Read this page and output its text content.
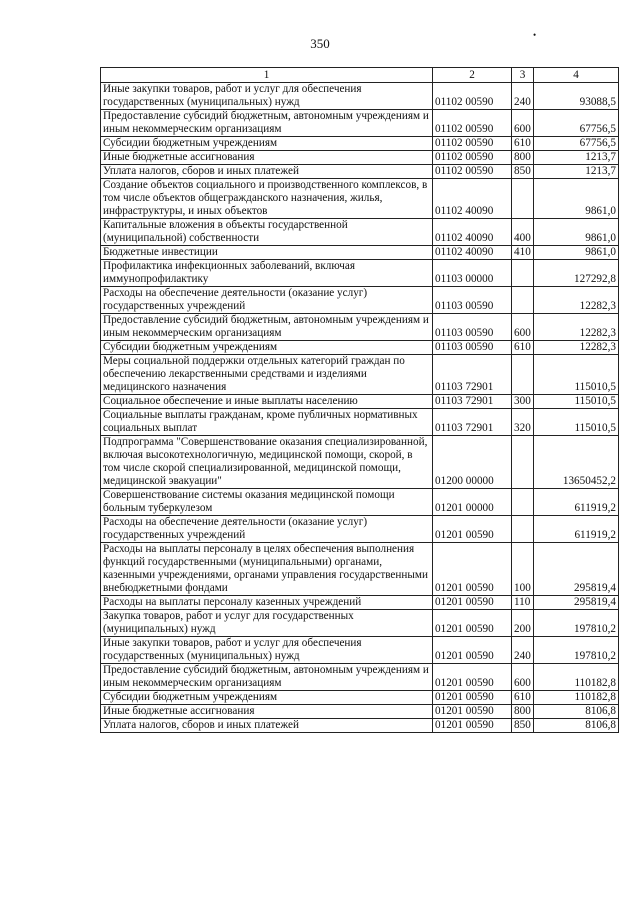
350
•
1	2	3	4
Иные закупки товаров, работ и услуг для обеспечения государственных (муниципальных) нужд	01102 00590	240	93088,5
Предоставление субсидий бюджетным, автономным учреждениям и иным некоммерческим организациям	01102 00590	600	67756,5
Субсидии бюджетным учреждениям	01102 00590	610	67756,5
Иные бюджетные ассигнования	01102 00590	800	1213,7
Уплата налогов, сборов и иных платежей	01102 00590	850	1213,7
Создание объектов социального и производственного комплексов, в том числе объектов общегражданского назначения, жилья, инфраструктуры, и иных объектов	01102 40090		9861,0
Капитальные вложения в объекты государственной (муниципальной) собственности	01102 40090	400	9861,0
Бюджетные инвестиции	01102 40090	410	9861,0
Профилактика инфекционных заболеваний, включая иммунопрофилактику	01103 00000		127292,8
Расходы на обеспечение деятельности (оказание услуг) государственных учреждений	01103 00590		12282,3
Предоставление субсидий бюджетным, автономным учреждениям и иным некоммерческим организациям	01103 00590	600	12282,3
Субсидии бюджетным учреждениям	01103 00590	610	12282,3
Меры социальной поддержки отдельных категорий граждан по обеспечению лекарственными средствами и изделиями медицинского назначения	01103 72901		115010,5
Социальное обеспечение и иные выплаты населению	01103 72901	300	115010,5
Социальные выплаты гражданам, кроме публичных нормативных социальных выплат	01103 72901	320	115010,5
Подпрограмма "Совершенствование оказания специализированной, включая высокотехнологичную, медицинской помощи, скорой, в том числе скорой специализированной, медицинской помощи, медицинской эвакуации"	01200 00000		13650452,2
Совершенствование системы оказания медицинской помощи больным туберкулезом	01201 00000		611919,2
Расходы на обеспечение деятельности (оказание услуг) государственных учреждений	01201 00590		611919,2
Расходы на выплаты персоналу в целях обеспечения выполнения функций государственными (муниципальными) органами, казенными учреждениями, органами управления государственными внебюджетными фондами	01201 00590	100	295819,4
Расходы на выплаты персоналу казенных учреждений	01201 00590	110	295819,4
Закупка товаров, работ и услуг для государственных (муниципальных) нужд	01201 00590	200	197810,2
Иные закупки товаров, работ и услуг для обеспечения государственных (муниципальных) нужд	01201 00590	240	197810,2
Предоставление субсидий бюджетным, автономным учреждениям и иным некоммерческим организациям	01201 00590	600	110182,8
Субсидии бюджетным учреждениям	01201 00590	610	110182,8
Иные бюджетные ассигнования	01201 00590	800	8106,8
Уплата налогов, сборов и иных платежей	01201 00590	850	8106,8
